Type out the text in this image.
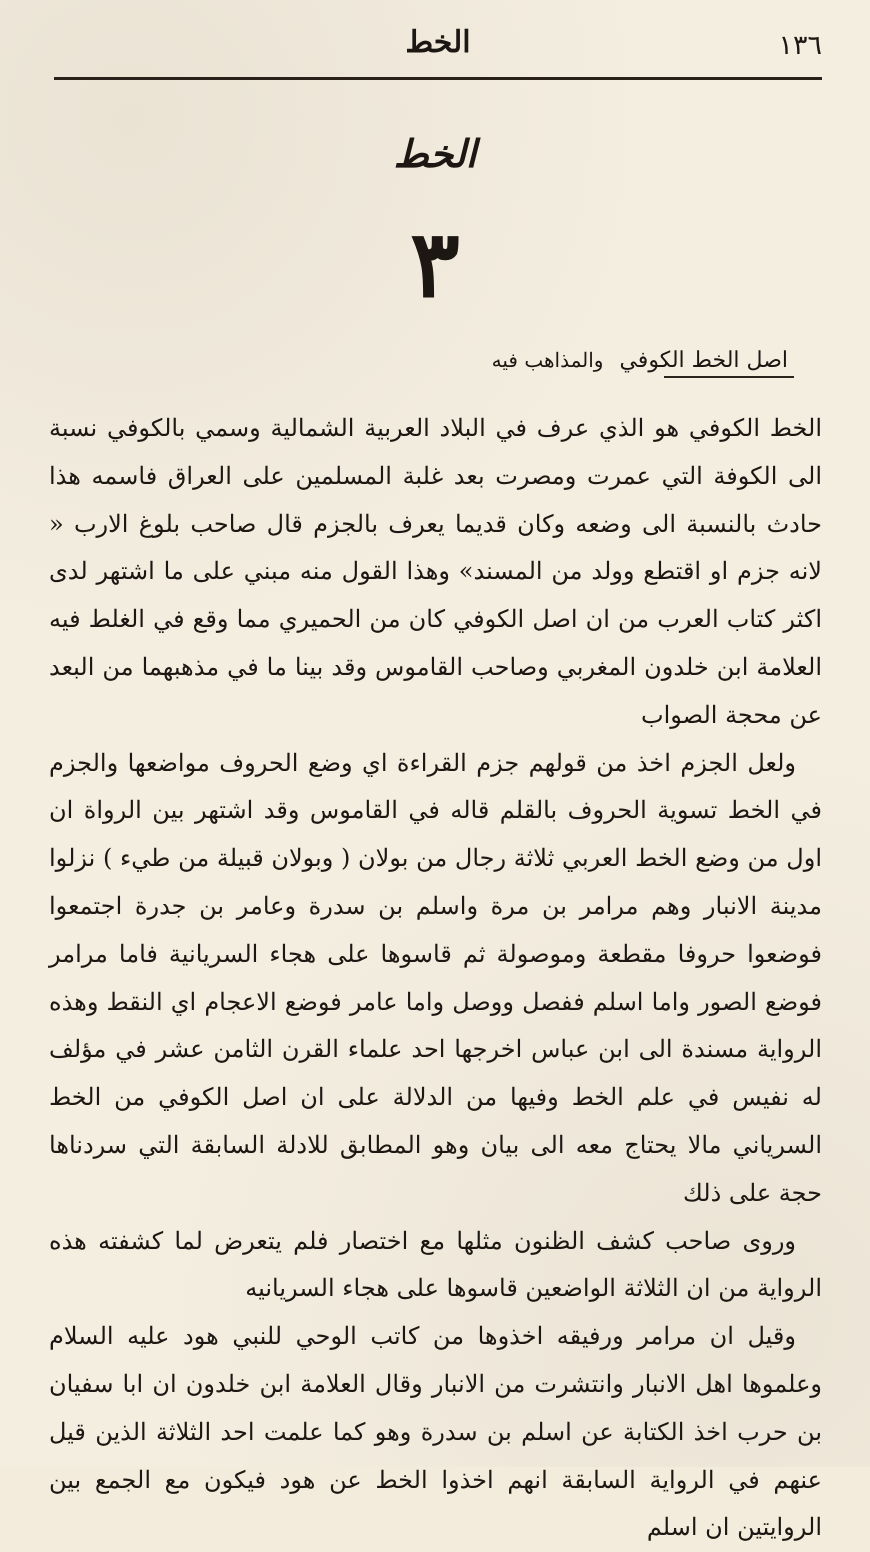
الخط	١٣٦
الخط
٣
اصل الخط الكوفي
والمذاهب فيه

الخط الكوفي هو الذي عرف في البلاد العربية الشمالية وسمي بالكوفي نسبة الى الكوفة التي عمرت ومصرت بعد غلبة المسلمين على العراق فاسمه هذا حادث بالنسبة الى وضعه وكان قديما يعرف بالجزم قال صاحب بلوغ الارب « لانه جزم او اقتطع وولد من المسند» وهذا القول منه مبني على ما اشتهر لدى اكثر كتاب العرب من ان اصل الكوفي كان من الحميري مما وقع في الغلط فيه العلامة ابن خلدون المغربي وصاحب القاموس وقد بينا ما في مذهبهما من البعد عن محجة الصواب

ولعل الجزم اخذ من قولهم جزم القراءة اي وضع الحروف مواضعها والجزم في الخط تسوية الحروف بالقلم قاله في القاموس وقد اشتهر بين الرواة ان اول من وضع الخط العربي ثلاثة رجال من بولان ( وبولان قبيلة من طيء ) نزلوا مدينة الانبار وهم مرامر بن مرة واسلم بن سدرة وعامر بن جدرة اجتمعوا فوضعوا حروفا مقطعة وموصولة ثم قاسوها على هجاء السريانية فاما مرامر فوضع الصور واما اسلم ففصل ووصل واما عامر فوضع الاعجام اي النقط وهذه الرواية مسندة الى ابن عباس اخرجها احد علماء القرن الثامن عشر في مؤلف له نفيس في علم الخط وفيها من الدلالة على ان اصل الكوفي من الخط السرياني مالا يحتاج معه الى بيان وهو المطابق للادلة السابقة التي سردناها حجة على ذلك

وروى صاحب كشف الظنون مثلها مع اختصار فلم يتعرض لما كشفته هذه الرواية من ان الثلاثة الواضعين قاسوها على هجاء السريانيه

وقيل ان مرامر ورفيقه اخذوها من كاتب الوحي للنبي هود عليه السلام وعلموها اهل الانبار وانتشرت من الانبار وقال العلامة ابن خلدون ان ابا سفيان بن حرب اخذ الكتابة عن اسلم بن سدرة وهو كما علمت احد الثلاثة الذين قيل عنهم في الرواية السابقة انهم اخذوا الخط عن هود فيكون مع الجمع بين الروايتين ان اسلم
